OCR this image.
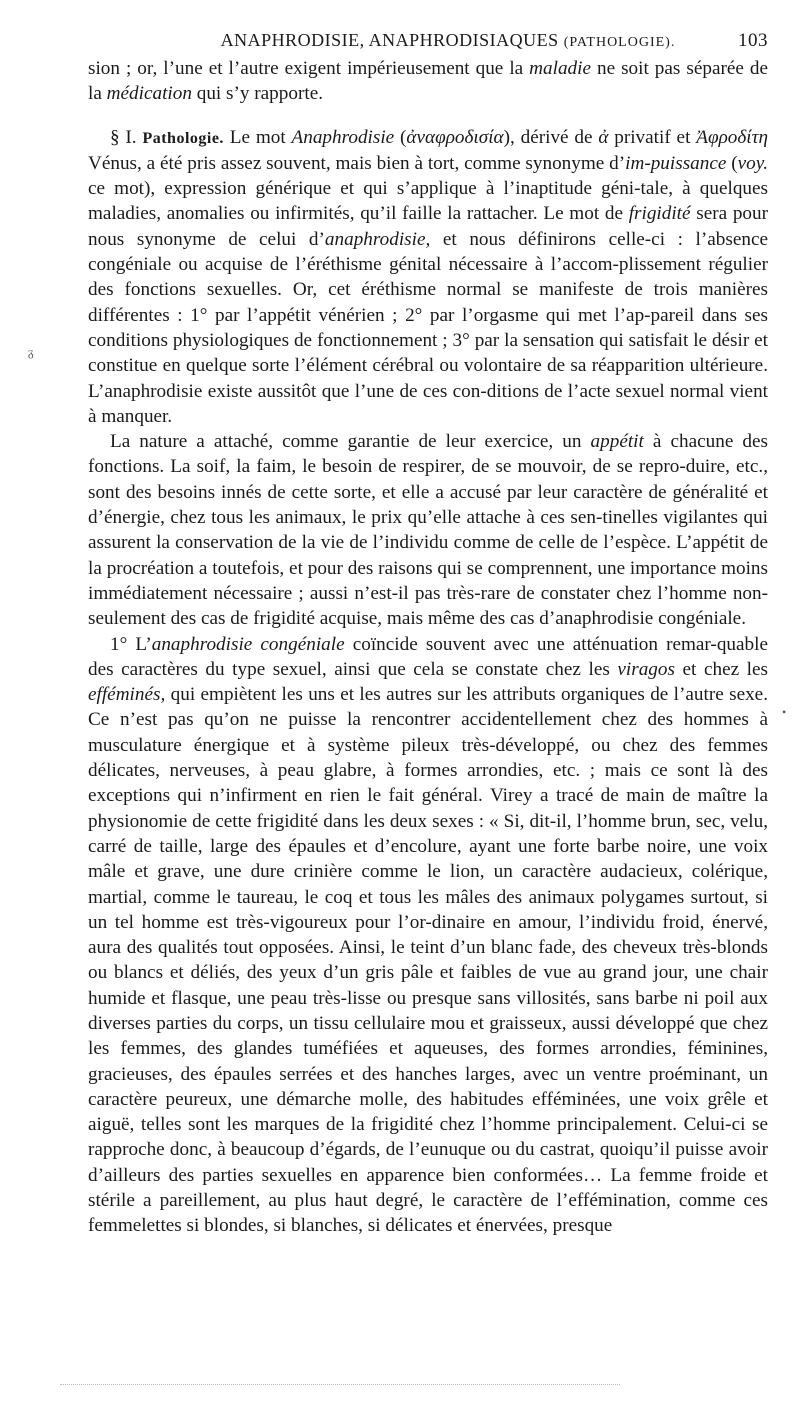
ANAPHRODISIE, ANAPHRODISIAQUES (PATHOLOGIE).	103

sion ; or, l’une et l’autre exigent impérieusement que la maladie ne soit pas séparée de la médication qui s’y rapporte.

§ I. Pathologie. Le mot Anaphrodisie (ἀναφροδισία), dérivé de ἀ privatif et Ἀφροδίτη Vénus, a été pris assez souvent, mais bien à tort, comme synonyme d’im-puissance (voy. ce mot), expression générique et qui s’applique à l’inaptitude géni-tale, à quelques maladies, anomalies ou infirmités, qu’il faille la rattacher. Le mot de frigidité sera pour nous synonyme de celui d’anaphrodisie, et nous définirons celle-ci : l’absence congéniale ou acquise de l’éréthisme génital nécessaire à l’accom-plissement régulier des fonctions sexuelles. Or, cet éréthisme normal se manifeste de trois manières différentes : 1° par l’appétit vénérien ; 2° par l’orgasme qui met l’ap-pareil dans ses conditions physiologiques de fonctionnement ; 3° par la sensation qui satisfait le désir et constitue en quelque sorte l’élément cérébral ou volontaire de sa réapparition ultérieure. L’anaphrodisie existe aussitôt que l’une de ces con-ditions de l’acte sexuel normal vient à manquer.

La nature a attaché, comme garantie de leur exercice, un appétit à chacune des fonctions. La soif, la faim, le besoin de respirer, de se mouvoir, de se repro-duire, etc., sont des besoins innés de cette sorte, et elle a accusé par leur caractère de généralité et d’énergie, chez tous les animaux, le prix qu’elle attache à ces sen-tinelles vigilantes qui assurent la conservation de la vie de l’individu comme de celle de l’espèce. L’appétit de la procréation a toutefois, et pour des raisons qui se comprennent, une importance moins immédiatement nécessaire ; aussi n’est-il pas très-rare de constater chez l’homme non-seulement des cas de frigidité acquise, mais même des cas d’anaphrodisie congéniale.

1° L’anaphrodisie congéniale coïncide souvent avec une atténuation remar-quable des caractères du type sexuel, ainsi que cela se constate chez les viragos et chez les efféminés, qui empiètent les uns et les autres sur les attributs organiques de l’autre sexe. Ce n’est pas qu’on ne puisse la rencontrer accidentellement chez des hommes à musculature énergique et à système pileux très-développé, ou chez des femmes délicates, nerveuses, à peau glabre, à formes arrondies, etc. ; mais ce sont là des exceptions qui n’infirment en rien le fait général. Virey a tracé de main de maître la physionomie de cette frigidité dans les deux sexes : « Si, dit-il, l’homme brun, sec, velu, carré de taille, large des épaules et d’encolure, ayant une forte barbe noire, une voix mâle et grave, une dure crinière comme le lion, un caractère audacieux, colérique, martial, comme le taureau, le coq et tous les mâles des animaux polygames surtout, si un tel homme est très-vigoureux pour l’or-dinaire en amour, l’individu froid, énervé, aura des qualités tout opposées. Ainsi, le teint d’un blanc fade, des cheveux très-blonds ou blancs et déliés, des yeux d’un gris pâle et faibles de vue au grand jour, une chair humide et flasque, une peau très-lisse ou presque sans villosités, sans barbe ni poil aux diverses parties du corps, un tissu cellulaire mou et graisseux, aussi développé que chez les femmes, des glandes tuméfiées et aqueuses, des formes arrondies, féminines, gracieuses, des épaules serrées et des hanches larges, avec un ventre proéminant, un caractère peureux, une démarche molle, des habitudes efféminées, une voix grêle et aiguë, telles sont les marques de la frigidité chez l’homme principalement. Celui-ci se rapproche donc, à beaucoup d’égards, de l’eunuque ou du castrat, quoiqu’il puisse avoir d’ailleurs des parties sexuelles en apparence bien conformées… La femme froide et stérile a pareillement, au plus haut degré, le caractère de l’effémination, comme ces femmelettes si blondes, si blanches, si délicates et énervées, presque

ᵹ
•
